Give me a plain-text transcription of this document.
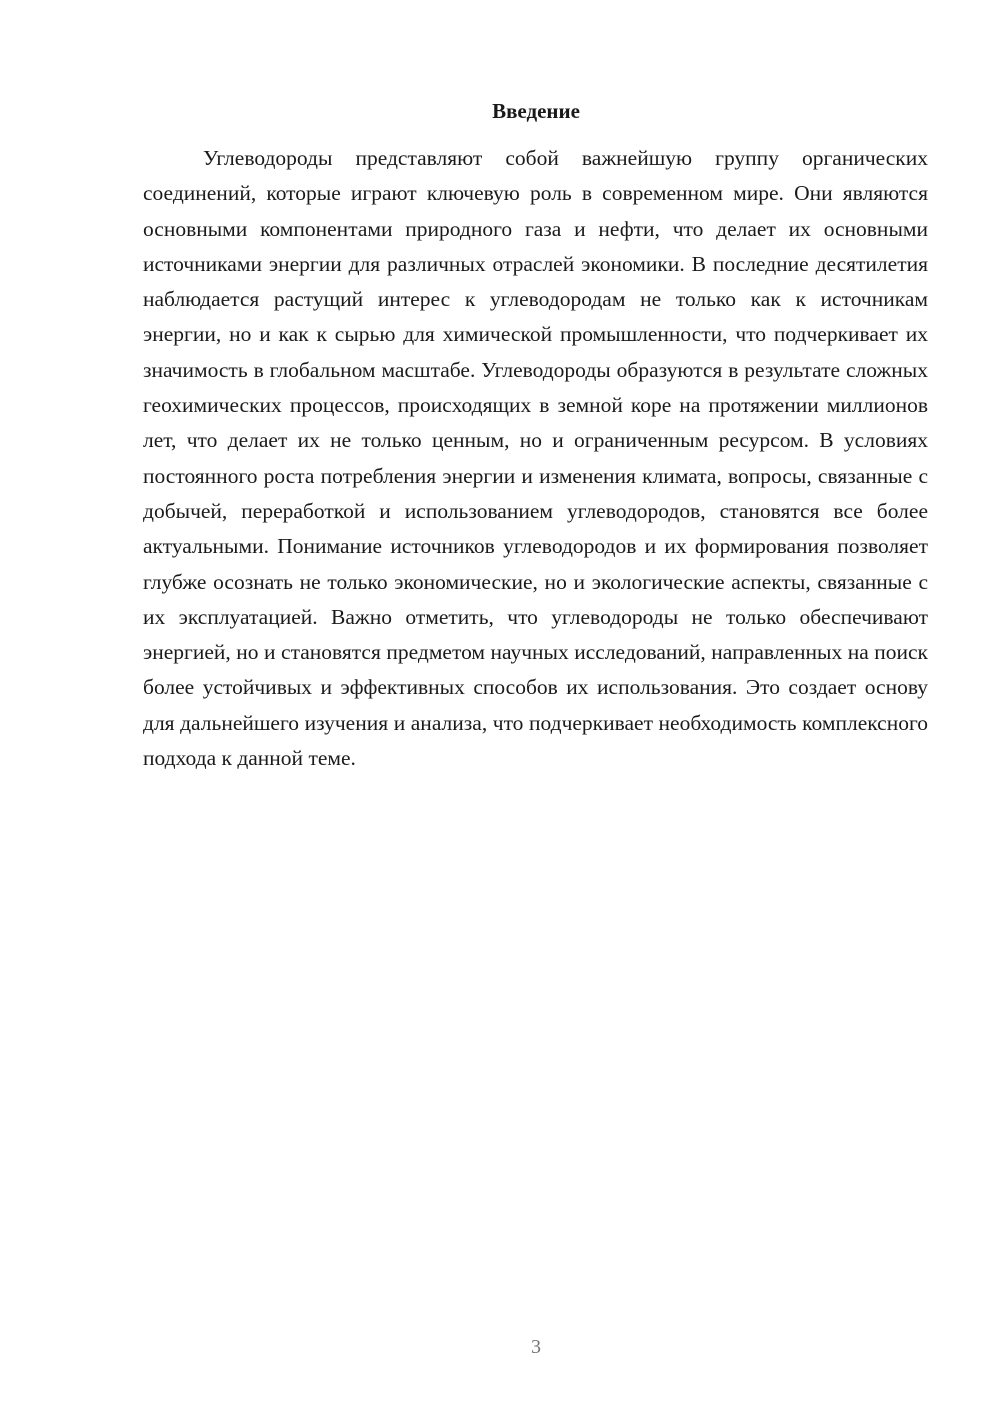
Введение

Углеводороды представляют собой важнейшую группу органических соединений, которые играют ключевую роль в современном мире. Они являются основными компонентами природного газа и нефти, что делает их основными источниками энергии для различных отраслей экономики. В последние десятилетия наблюдается растущий интерес к углеводородам не только как к источникам энергии, но и как к сырью для химической промышленности, что подчеркивает их значимость в глобальном масштабе. Углеводороды образуются в результате сложных геохимических процессов, происходящих в земной коре на протяжении миллионов лет, что делает их не только ценным, но и ограниченным ресурсом. В условиях постоянного роста потребления энергии и изменения климата, вопросы, связанные с добычей, переработкой и использованием углеводородов, становятся все более актуальными. Понимание источников углеводородов и их формирования позволяет глубже осознать не только экономические, но и экологические аспекты, связанные с их эксплуатацией. Важно отметить, что углеводороды не только обеспечивают энергией, но и становятся предметом научных исследований, направленных на поиск более устойчивых и эффективных способов их использования. Это создает основу для дальнейшего изучения и анализа, что подчеркивает необходимость комплексного подхода к данной теме.

3
